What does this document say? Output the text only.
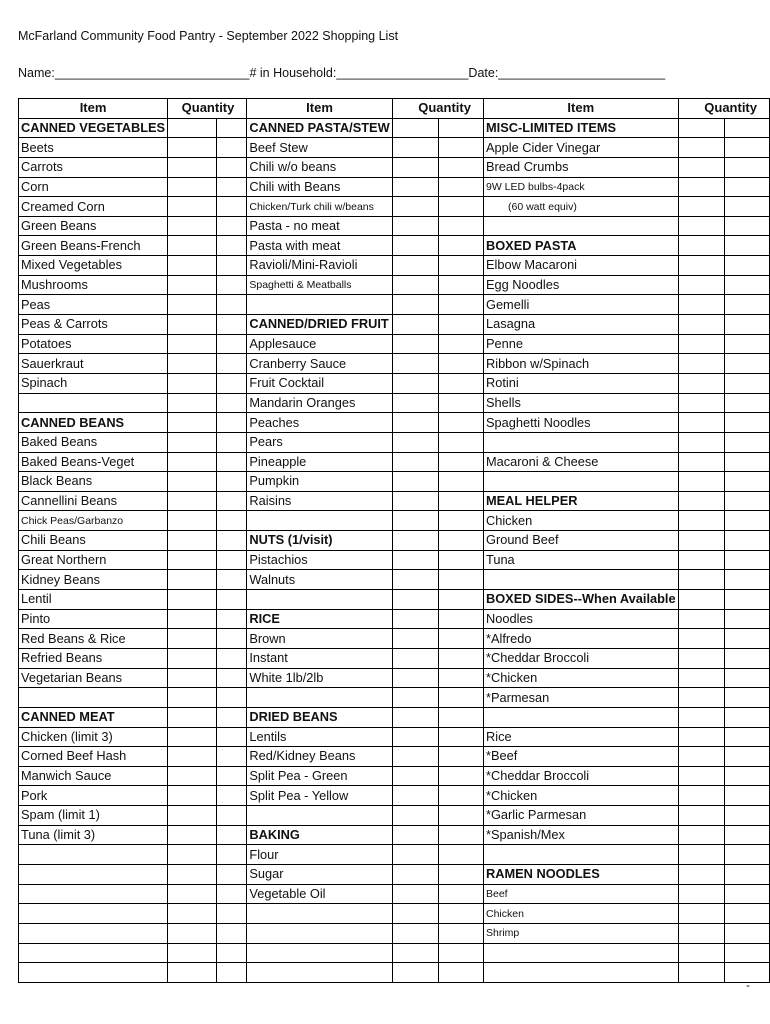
McFarland Community Food Pantry - September 2022 Shopping List
Name:____________________________# in Household:___________________Date:________________________
Item	Quantity		Item	Quantity		Item	Quantity	
CANNED VEGETABLES			CANNED PASTA/STEW			MISC-LIMITED ITEMS		
Beets			Beef Stew			Apple Cider Vinegar		
Carrots			Chili w/o beans			Bread Crumbs		
Corn			Chili with Beans			9W LED bulbs-4pack		
Creamed Corn			Chicken/Turk chili w/beans			(60 watt equiv)		
Green Beans			Pasta - no meat					
Green Beans-French			Pasta with meat			BOXED PASTA		
Mixed Vegetables			Ravioli/Mini-Ravioli			Elbow Macaroni		
Mushrooms			Spaghetti & Meatballs			Egg Noodles		
Peas						Gemelli		
Peas & Carrots			CANNED/DRIED FRUIT			Lasagna		
Potatoes			Applesauce			Penne		
Sauerkraut			Cranberry Sauce			Ribbon w/Spinach		
Spinach			Fruit Cocktail			Rotini		
			Mandarin Oranges			Shells		
CANNED BEANS			Peaches			Spaghetti Noodles		
Baked Beans			Pears					
Baked Beans-Veget			Pineapple			Macaroni & Cheese		
Black Beans			Pumpkin					
Cannellini Beans			Raisins			MEAL HELPER		
Chick Peas/Garbanzo						Chicken		
Chili Beans			NUTS (1/visit)			Ground Beef		
Great Northern			Pistachios			Tuna		
Kidney Beans			Walnuts					
Lentil						BOXED SIDES--When Available		
Pinto			RICE			Noodles		
Red Beans & Rice			Brown			*Alfredo		
Refried Beans			Instant			*Cheddar Broccoli		
Vegetarian Beans			White 1lb/2lb			*Chicken		
						*Parmesan		
CANNED MEAT			DRIED BEANS					
Chicken (limit 3)			Lentils			Rice		
Corned Beef Hash			Red/Kidney Beans			*Beef		
Manwich Sauce			Split Pea - Green			*Cheddar Broccoli		
Pork			Split Pea - Yellow			*Chicken		
Spam (limit 1)						*Garlic Parmesan		
Tuna (limit 3)			BAKING			*Spanish/Mex		
			Flour					
			Sugar			RAMEN NOODLES		
			Vegetable Oil			Beef		
						Chicken		
						Shrimp		

-
